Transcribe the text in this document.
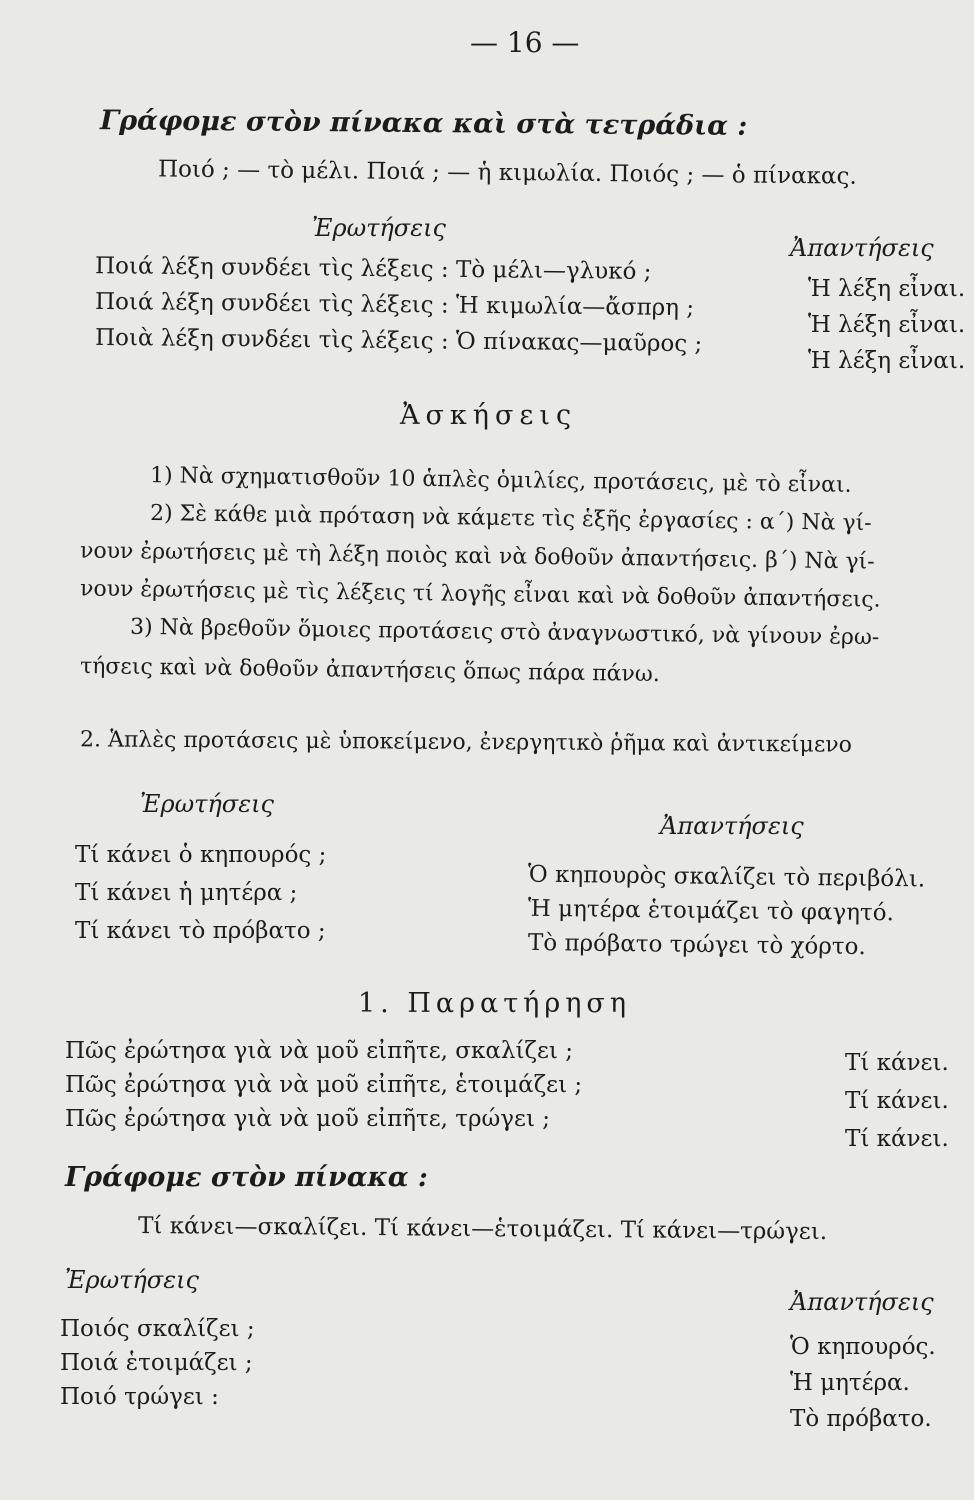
— 16 —
Γράφομε στὸν πίνακα καὶ στὰ τετράδια :
Ποιό ; — τὸ μέλι. Ποιά ; — ἡ κιμωλία. Ποιός ; — ὁ πίνακας.
Ἐρωτήσεις
Ἀπαντήσεις
Ποιά λέξη συνδέει τὶς λέξεις : Τὸ μέλι—γλυκό ;
Ποιά λέξη συνδέει τὶς λέξεις : Ἡ κιμωλία—ἄσπρη ;
Ποιὰ λέξη συνδέει τὶς λέξεις : Ὁ πίνακας—μαῦρος ;
Ἡ λέξη εἶναι.
Ἡ λέξη εἶναι.
Ἡ λέξη εἶναι.
Ἀσκήσεις
1) Νὰ σχηματισθοῦν 10 ἁπλὲς ὁμιλίες, προτάσεις, μὲ τὸ εἶναι.
2) Σὲ κάθε μιὰ πρόταση νὰ κάμετε τὶς ἑξῆς ἐργασίες : α΄) Νὰ γί-
νουν ἐρωτήσεις μὲ τὴ λέξη ποιὸς καὶ νὰ δοθοῦν ἀπαντήσεις. β΄) Νὰ γί-
νουν ἐρωτήσεις μὲ τὶς λέξεις τί λογῆς εἶναι καὶ νὰ δοθοῦν ἀπαντήσεις.
3) Νὰ βρεθοῦν ὅμοιες προτάσεις στὸ ἀναγνωστικό, νὰ γίνουν ἐρω-
τήσεις καὶ νὰ δοθοῦν ἀπαντήσεις ὅπως πάρα πάνω.
2. Ἁπλὲς προτάσεις μὲ ὑποκείμενο, ἐνεργητικὸ ῥῆμα καὶ ἀντικείμενο
Ἐρωτήσεις
Ἀπαντήσεις
Τί κάνει ὁ κηπουρός ;
Τί κάνει ἡ μητέρα ;
Τί κάνει τὸ πρόβατο ;
Ὁ κηπουρὸς σκαλίζει τὸ περιβόλι.
Ἡ μητέρα ἑτοιμάζει τὸ φαγητό.
Τὸ πρόβατο τρώγει τὸ χόρτο.
1. Παρατήρηση
Πῶς ἐρώτησα γιὰ νὰ μοῦ εἰπῆτε, σκαλίζει ;
Πῶς ἐρώτησα γιὰ νὰ μοῦ εἰπῆτε, ἑτοιμάζει ;
Πῶς ἐρώτησα γιὰ νὰ μοῦ εἰπῆτε, τρώγει ;
Τί κάνει.
Τί κάνει.
Τί κάνει.
Γράφομε στὸν πίνακα :
Τί κάνει—σκαλίζει. Τί κάνει—ἑτοιμάζει. Τί κάνει—τρώγει.
Ἐρωτήσεις
Ἀπαντήσεις
Ποιός σκαλίζει ;
Ποιά ἑτοιμάζει ;
Ποιό τρώγει :
Ὁ κηπουρός.
Ἡ μητέρα.
Τὸ πρόβατο.
